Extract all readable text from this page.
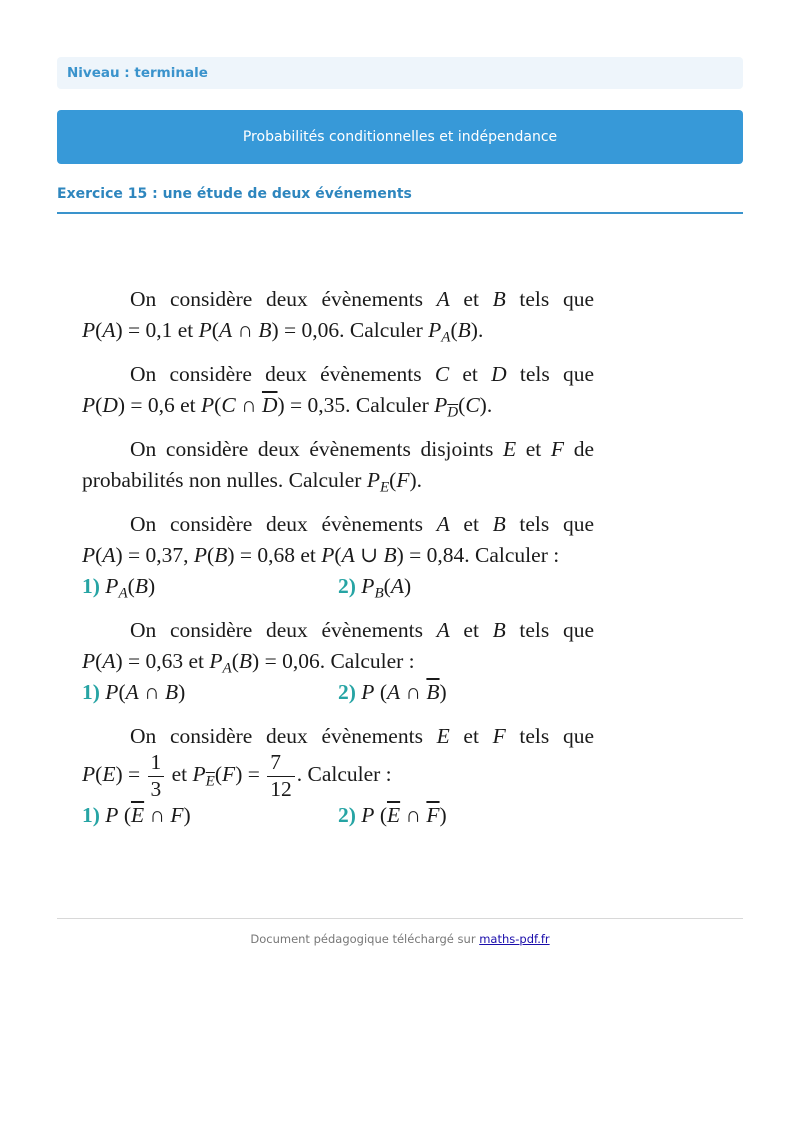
Niveau : terminale
Probabilités conditionnelles et indépendance
Exercice 15 : une étude de deux événements

On considère deux évènements A et B tels que
P(A) = 0,1 et P(A ∩ B) = 0,06. Calculer $P_A(B)$.

On considère deux évènements C et D tels que
P(D) = 0,6 et P(C ∩ $\overline{D}) = 0,35$. Calculer $P_{\overline{D}}(C)$.

On considère deux évènements disjoints E et F de
probabilités non nulles. Calculer $P_E(F)$.

On considère deux évènements A et B tels que
P(A) = 0,37, P(B) = 0,68 et P(A ∪ B) = 0,84. Calculer :
1) $P_A(B)$	2) $P_B(A)$

On considère deux évènements A et B tels que
P(A) = 0,63 et $P_A(B) = 0,06$. Calculer :
1) P(A ∩ B)	2) P (A ∩ $\overline{B}$)

On considère deux évènements E et F tels que
$P(E) = \frac{1}{3}$ et $P_{\overline{E}}(F) = \frac{7}{12}$ . Calculer :
1) P ($\overline{E}$ ∩ F)	2) P ($\overline{E}$ ∩ $\overline{F}$)

Document pédagogique téléchargé sur maths-pdf.fr
